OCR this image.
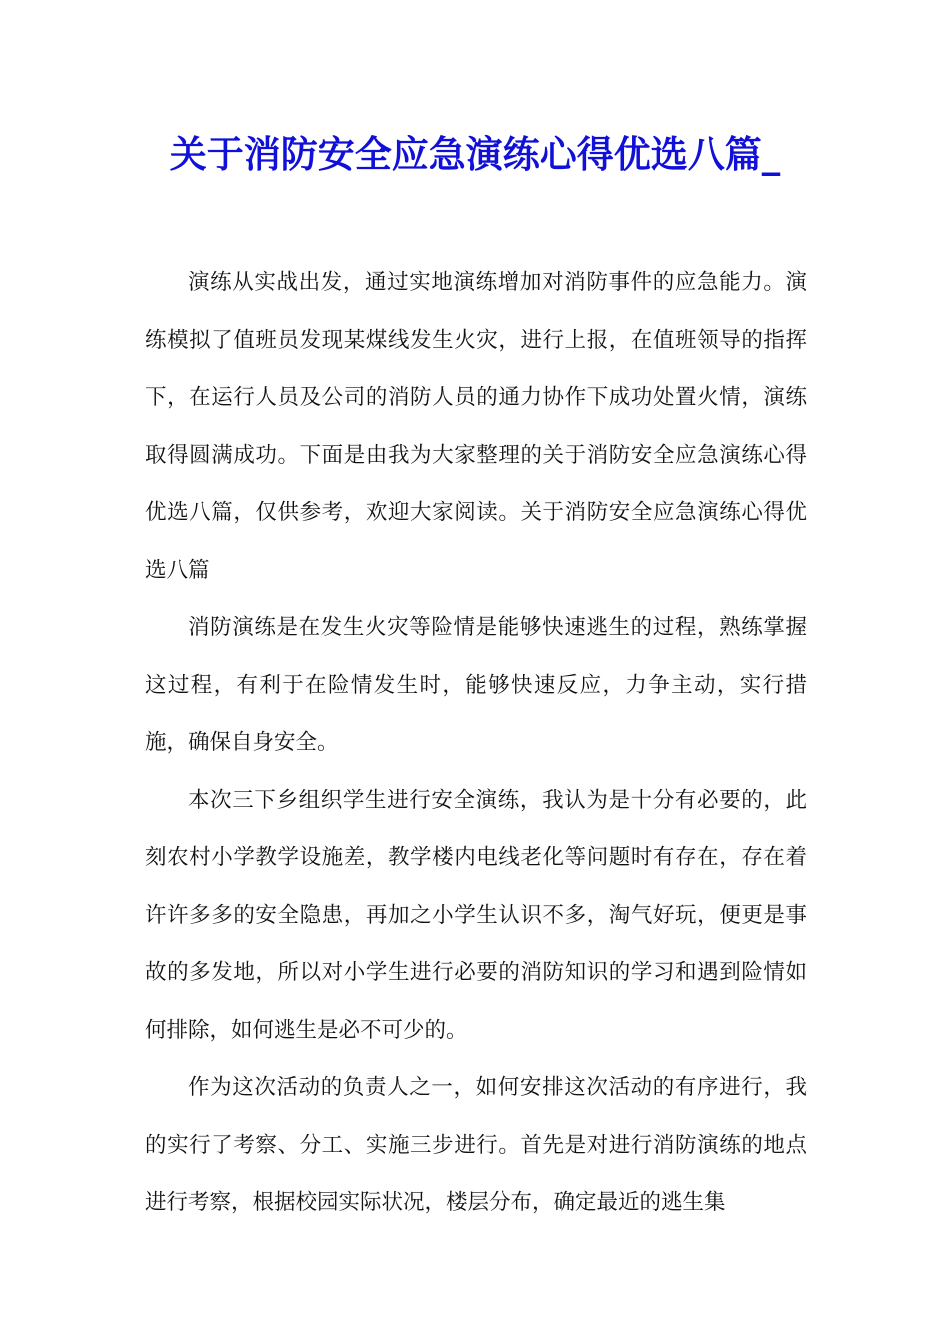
关于消防安全应急演练心得优选八篇_

演练从实战出发，通过实地演练增加对消防事件的应急能力。演练模拟了值班员发现某煤线发生火灾，进行上报，在值班领导的指挥下，在运行人员及公司的消防人员的通力协作下成功处置火情，演练取得圆满成功。下面是由我为大家整理的关于消防安全应急演练心得优选八篇，仅供参考，欢迎大家阅读。关于消防安全应急演练心得优选八篇

消防演练是在发生火灾等险情是能够快速逃生的过程，熟练掌握这过程，有利于在险情发生时，能够快速反应，力争主动，实行措施，确保自身安全。

本次三下乡组织学生进行安全演练，我认为是十分有必要的，此刻农村小学教学设施差，教学楼内电线老化等问题时有存在，存在着许许多多的安全隐患，再加之小学生认识不多，淘气好玩，便更是事故的多发地，所以对小学生进行必要的消防知识的学习和遇到险情如何排除，如何逃生是必不可少的。

作为这次活动的负责人之一，如何安排这次活动的有序进行，我的实行了考察、分工、实施三步进行。首先是对进行消防演练的地点进行考察，根据校园实际状况，楼层分布，确定最近的逃生集
